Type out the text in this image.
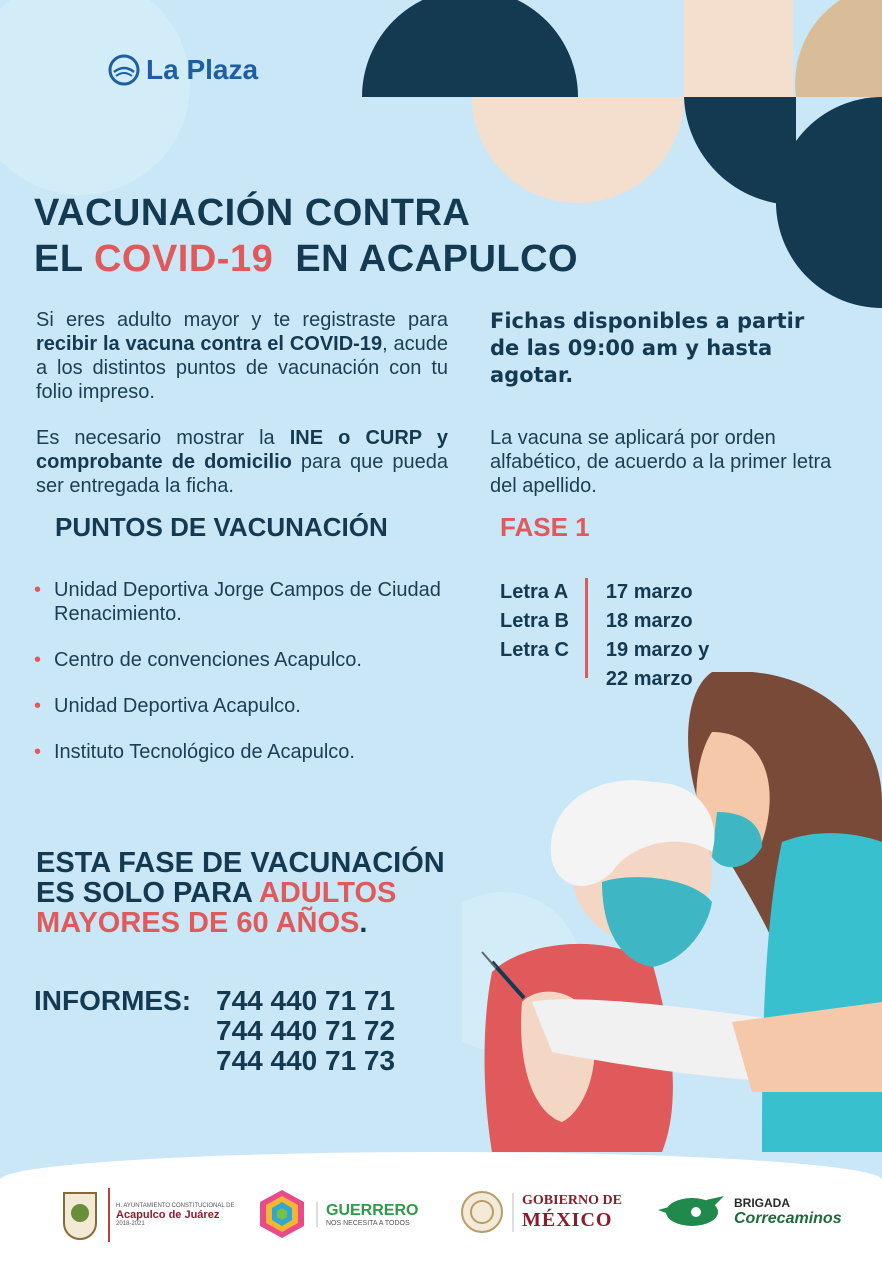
La Plaza
VACUNACIÓN CONTRA
EL COVID-19  EN ACAPULCO
Si eres adulto mayor y te registraste para recibir la vacuna contra el COVID-19, acude a los distintos puntos de vacunación con tu folio impreso.
Es necesario mostrar la INE o CURP y comprobante de domicilio para que pueda ser entregada la ficha.
Fichas disponibles a partir de las 09:00 am y hasta agotar.
La vacuna se aplicará por orden alfabético, de acuerdo a la primer letra del apellido.
PUNTOS DE VACUNACIÓN	FASE 1
• Unidad Deportiva Jorge Campos de Ciudad Renacimiento.
• Centro de convenciones Acapulco.
• Unidad Deportiva Acapulco.
• Instituto Tecnológico de Acapulco.
Letra A
Letra B
Letra C
17 marzo
18 marzo
19 marzo y
22 marzo
ESTA FASE DE VACUNACIÓN
ES SOLO PARA ADULTOS
MAYORES DE 60 AÑOS.
INFORMES: 744 440 71 71
744 440 71 72
744 440 71 73
H. AYUNTAMIENTO CONSTITUCIONAL DE
Acapulco de Juárez
2018-2021
GUERRERO
NOS NECESITA A TODOS
GOBIERNO DE
MÉXICO
BRIGADA
Correcaminos
